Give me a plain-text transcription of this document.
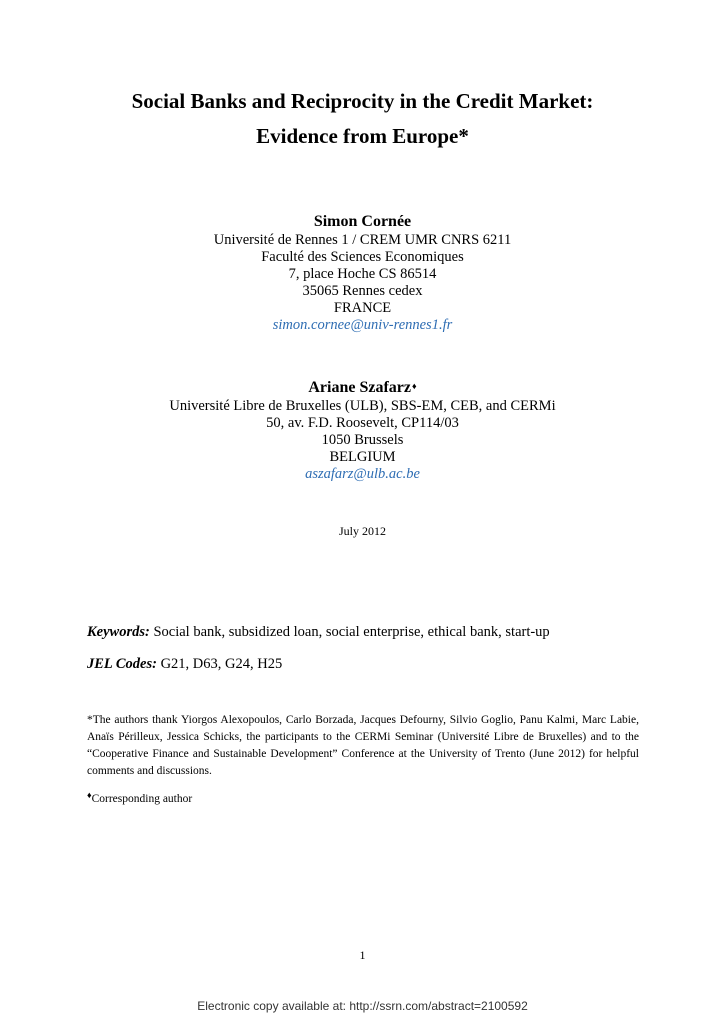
Social Banks and Reciprocity in the Credit Market:
Evidence from Europe*
Simon Cornée
Université de Rennes 1 / CREM UMR CNRS 6211
Faculté des Sciences Economiques
7, place Hoche CS 86514
35065 Rennes cedex
FRANCE
simon.cornee@univ-rennes1.fr
Ariane Szafarz♦
Université Libre de Bruxelles (ULB), SBS-EM, CEB, and CERMi
50, av. F.D. Roosevelt, CP114/03
1050 Brussels
BELGIUM
aszafarz@ulb.ac.be
July 2012
Keywords: Social bank, subsidized loan, social enterprise, ethical bank, start-up
JEL Codes: G21, D63, G24, H25
*The authors thank Yiorgos Alexopoulos, Carlo Borzada, Jacques Defourny, Silvio Goglio, Panu Kalmi, Marc Labie, Anaïs Périlleux, Jessica Schicks, the participants to the CERMi Seminar (Université Libre de Bruxelles) and to the “Cooperative Finance and Sustainable Development” Conference at the University of Trento (June 2012) for helpful comments and discussions.
♦Corresponding author
1
Electronic copy available at: http://ssrn.com/abstract=2100592
